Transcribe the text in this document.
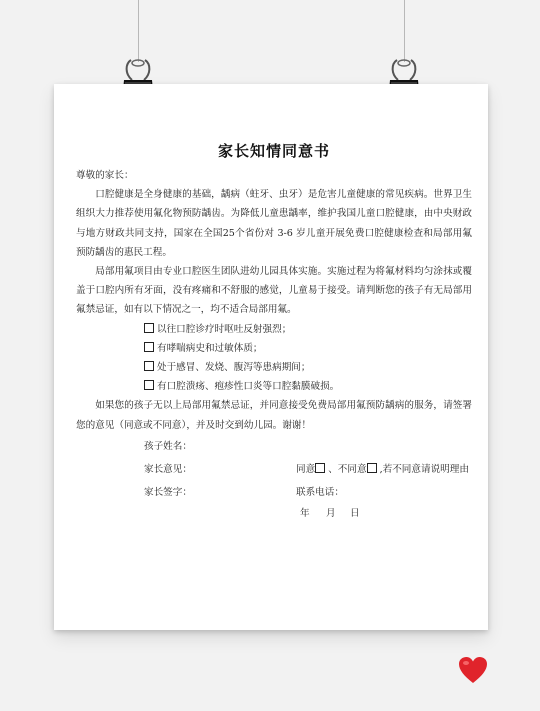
家长知情同意书

尊敬的家长：

口腔健康是全身健康的基础，龋病（蛀牙、虫牙）是危害儿童健康的常见疾病。世界卫生组织大力推荐使用氟化物预防龋齿。为降低儿童患龋率，维护我国儿童口腔健康，由中央财政与地方财政共同支持，国家在全国25个省份对 3-6 岁儿童开展免费口腔健康检查和局部用氟预防龋齿的惠民工程。

局部用氟项目由专业口腔医生团队进幼儿园具体实施。实施过程为将氟材料均匀涂抹或覆盖于口腔内所有牙面，没有疼痛和不舒服的感觉，儿童易于接受。请判断您的孩子有无局部用氟禁忌证，如有以下情况之一，均不适合局部用氟。

以往口腔诊疗时呕吐反射强烈；

有哮喘病史和过敏体质；

处于感冒、发烧、腹泻等患病期间；

有口腔溃疡、疱疹性口炎等口腔黏膜破损。

如果您的孩子无以上局部用氟禁忌证，并同意接受免费局部用氟预防龋病的服务，请签署您的意见（同意或不同意），并及时交到幼儿园。谢谢！

孩子姓名：
家长意见：	同意 、不同意 ,若不同意请说明理由
家长签字：	联系电话：
年 月 日
